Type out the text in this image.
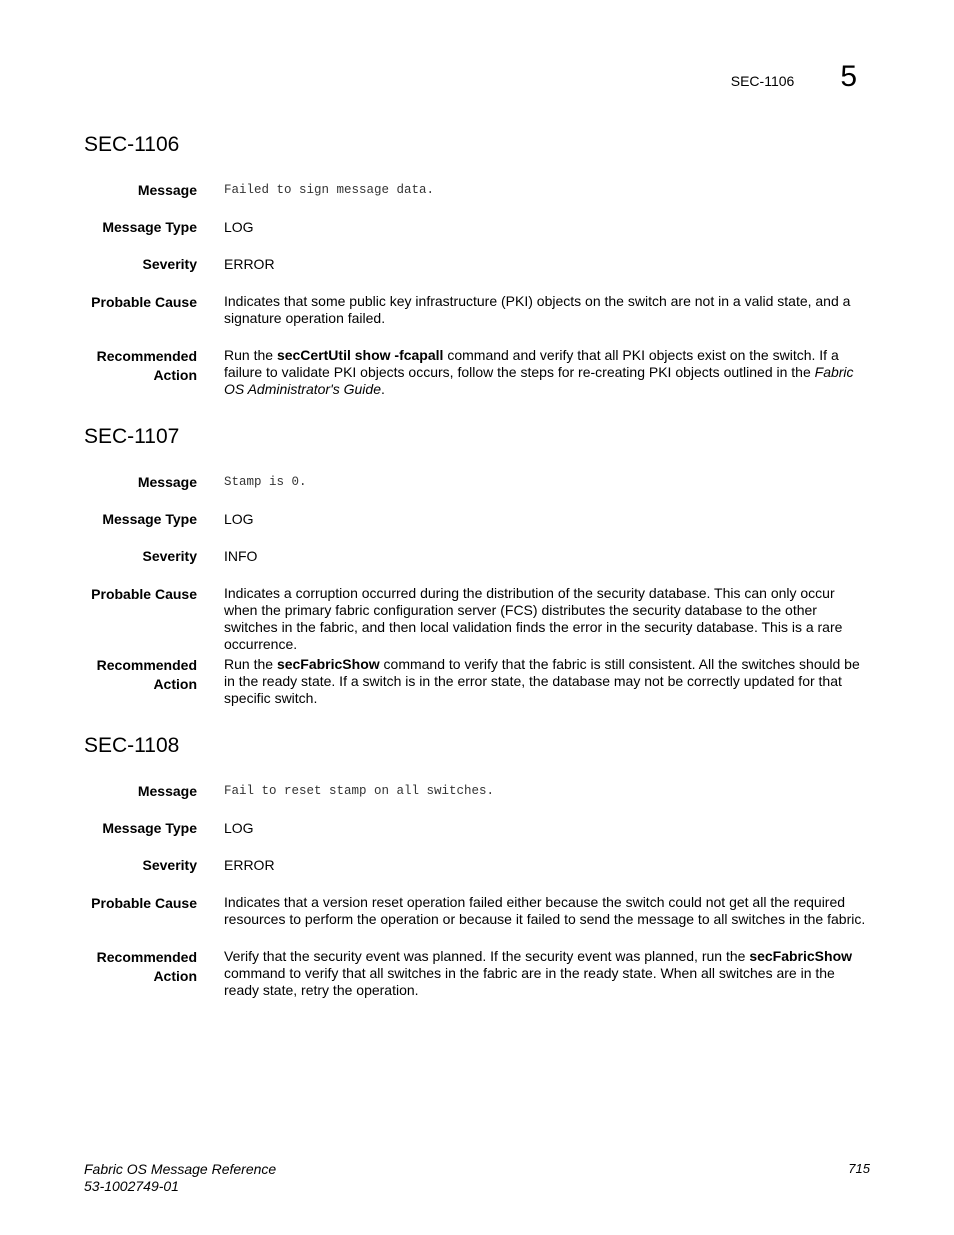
SEC-1106 5
SEC-1106
Message Failed to sign message data.
Message Type LOG
Severity ERROR
Probable Cause Indicates that some public key infrastructure (PKI) objects on the switch are not in a valid state, and a signature operation failed.
Recommended
Action
Run the secCertUtil show -fcapall command and verify that all PKI objects exist on the switch. If a failure to validate PKI objects occurs, follow the steps for re-creating PKI objects outlined in the Fabric OS Administrator's Guide.
SEC-1107
Message Stamp is 0.
Message Type LOG
Severity INFO
Probable Cause Indicates a corruption occurred during the distribution of the security database. This can only occur when the primary fabric configuration server (FCS) distributes the security database to the other switches in the fabric, and then local validation finds the error in the security database. This is a rare occurrence.
Recommended
Action
Run the secFabricShow command to verify that the fabric is still consistent. All the switches should be in the ready state. If a switch is in the error state, the database may not be correctly updated for that specific switch.
SEC-1108
Message Fail to reset stamp on all switches.
Message Type LOG
Severity ERROR
Probable Cause Indicates that a version reset operation failed either because the switch could not get all the required resources to perform the operation or because it failed to send the message to all switches in the fabric.
Recommended
Action
Verify that the security event was planned. If the security event was planned, run the secFabricShow command to verify that all switches in the fabric are in the ready state. When all switches are in the ready state, retry the operation.
Fabric OS Message Reference
53-1002749-01
715
